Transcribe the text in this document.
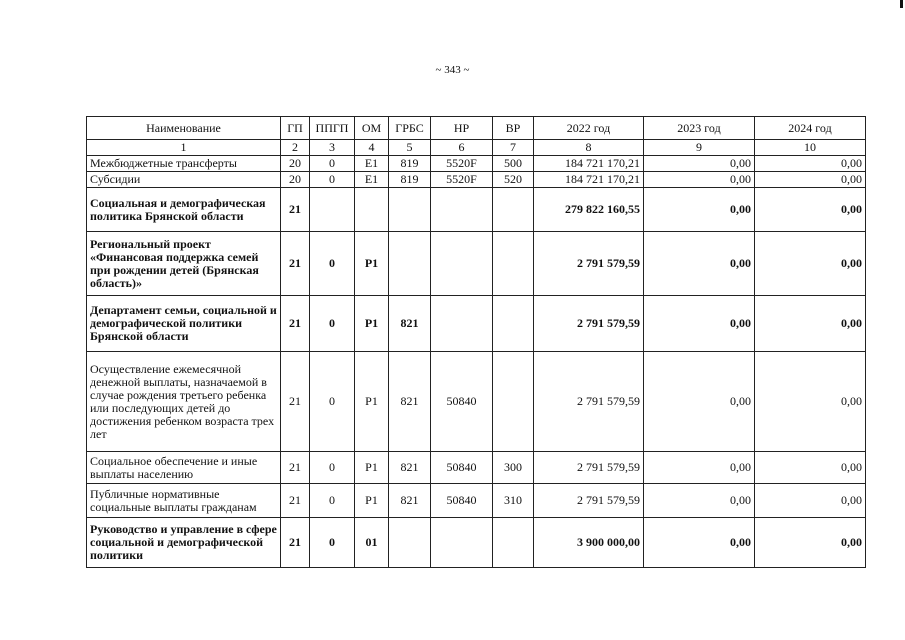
~ 343 ~
Наименование	ГП	ППГП	ОМ	ГРБС	НР	ВР	2022 год	2023 год	2024 год
1	2	3	4	5	6	7	8	9	10
Межбюджетные трансферты	20	0	E1	819	5520F	500	184 721 170,21	0,00	0,00
Субсидии	20	0	E1	819	5520F	520	184 721 170,21	0,00	0,00
Социальная и демографическая политика Брянской области	21						279 822 160,55	0,00	0,00
Региональный проект «Финансовая поддержка семей при рождении детей (Брянская область)»	21	0	P1				2 791 579,59	0,00	0,00
Департамент семьи, социальной и демографической политики Брянской области	21	0	P1	821			2 791 579,59	0,00	0,00
Осуществление ежемесячной денежной выплаты, назначаемой в случае рождения третьего ребенка или последующих детей до достижения ребенком возраста трех лет	21	0	P1	821	50840		2 791 579,59	0,00	0,00
Социальное обеспечение и иные выплаты населению	21	0	P1	821	50840	300	2 791 579,59	0,00	0,00
Публичные нормативные социальные выплаты гражданам	21	0	P1	821	50840	310	2 791 579,59	0,00	0,00
Руководство и управление в сфере социальной и демографической политики	21	0	01				3 900 000,00	0,00	0,00
